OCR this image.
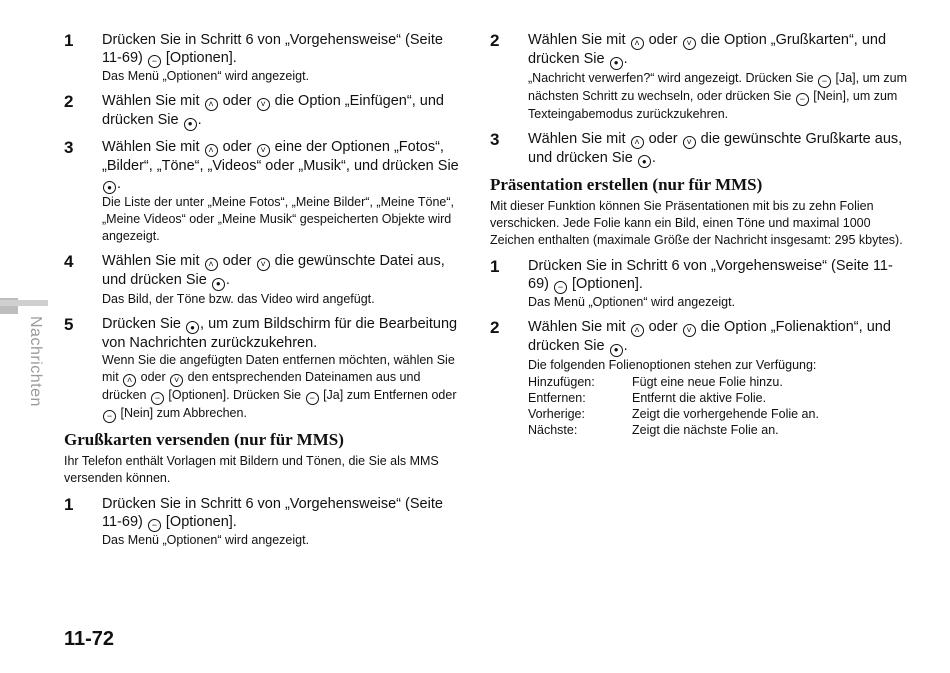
Nachrichten
1 Drücken Sie in Schritt 6 von „Vorgehensweise“ (Seite 11-69) − [Optionen].
Das Menü „Optionen“ wird angezeigt.
2 Wählen Sie mit ˄ oder ˅ die Option „Einfügen“, und drücken Sie ● .
3 Wählen Sie mit ˄ oder ˅ eine der Optionen „Fotos“, „Bilder“, „Töne“, „Videos“ oder „Musik“, und drücken Sie ● .
Die Liste der unter „Meine Fotos“, „Meine Bilder“, „Meine Töne“, „Meine Videos“ oder „Meine Musik“ gespeicherten Objekte wird angezeigt.
4 Wählen Sie mit ˄ oder ˅ die gewünschte Datei aus, und drücken Sie ● .
Das Bild, der Töne bzw. das Video wird angefügt.
5 Drücken Sie ● , um zum Bildschirm für die Bearbeitung von Nachrichten zurückzukehren.
Wenn Sie die angefügten Daten entfernen möchten, wählen Sie mit ˄ oder ˅ den entsprechenden Dateinamen aus und drücken − [Optionen]. Drücken Sie − [Ja] zum Entfernen oder − [Nein] zum Abbrechen.
Grußkarten versenden (nur für MMS)
Ihr Telefon enthält Vorlagen mit Bildern und Tönen, die Sie als MMS versenden können.
1 Drücken Sie in Schritt 6 von „Vorgehensweise“ (Seite 11-69) − [Optionen].
Das Menü „Optionen“ wird angezeigt.
2 Wählen Sie mit ˄ oder ˅ die Option „Grußkarten“, und drücken Sie ● .
„Nachricht verwerfen?“ wird angezeigt. Drücken Sie − [Ja], um zum nächsten Schritt zu wechseln, oder drücken Sie − [Nein], um zum Texteingabemodus zurückzukehren.
3 Wählen Sie mit ˄ oder ˅ die gewünschte Grußkarte aus, und drücken Sie ● .
Präsentation erstellen (nur für MMS)
Mit dieser Funktion können Sie Präsentationen mit bis zu zehn Folien verschicken. Jede Folie kann ein Bild, einen Töne und maximal 1000 Zeichen enthalten (maximale Größe der Nachricht insgesamt: 295 kbytes).
1 Drücken Sie in Schritt 6 von „Vorgehensweise“ (Seite 11-69) − [Optionen].
Das Menü „Optionen“ wird angezeigt.
2 Wählen Sie mit ˄ oder ˅ die Option „Folienaktion“, und drücken Sie ● .
Die folgenden Folienoptionen stehen zur Verfügung:
Hinzufügen:	Fügt eine neue Folie hinzu.
Entfernen:	Entfernt die aktive Folie.
Vorherige:	Zeigt die vorhergehende Folie an.
Nächste:	Zeigt die nächste Folie an.
11-72
